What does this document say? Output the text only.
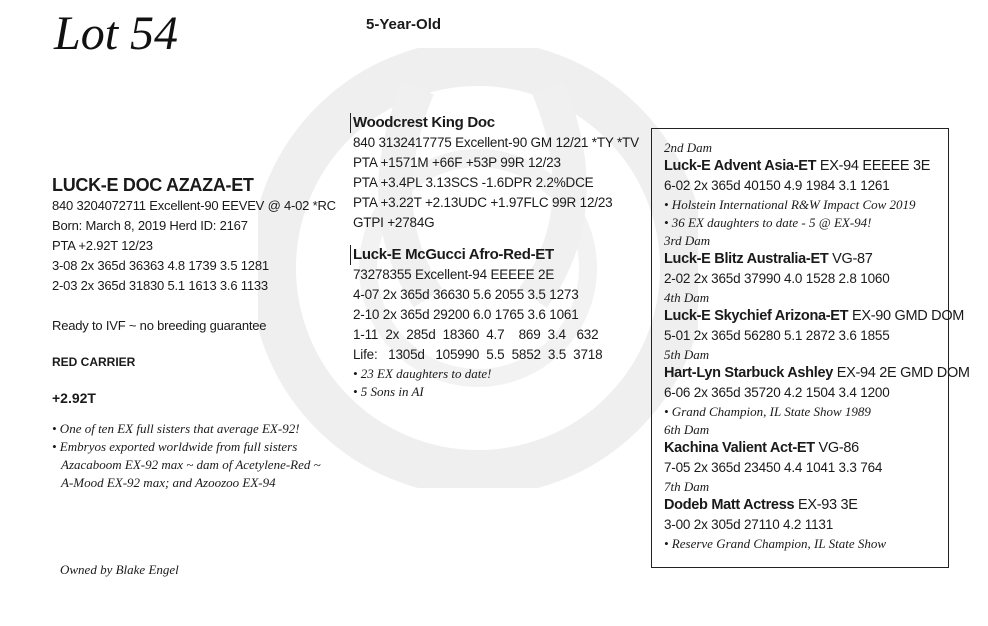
Lot 54	5-Year-Old
LUCK-E DOC AZAZA-ET
840 3204072711 Excellent-90 EEVEV @ 4-02 *RC
Born: March 8, 2019 Herd ID: 2167
PTA +2.92T 12/23
3-08 2x 365d 36363 4.8 1739 3.5 1281
2-03 2x 365d 31830 5.1 1613 3.6 1133
Ready to IVF ~ no breeding guarantee
RED CARRIER
+2.92T
• One of ten EX full sisters that average EX-92!
• Embryos exported worldwide from full sisters
Azacaboom EX-92 max ~ dam of Acetylene-Red ~
A-Mood EX-92 max; and Azoozoo EX-94
Woodcrest King Doc
840 3132417775 Excellent-90 GM 12/21 *TY *TV
PTA +1571M +66F +53P 99R 12/23
PTA +3.4PL 3.13SCS -1.6DPR 2.2%DCE
PTA +3.22T +2.13UDC +1.97FLC 99R 12/23
GTPI +2784G
Luck-E McGucci Afro-Red-ET
73278355 Excellent-94 EEEEE 2E
4-07 2x 365d 36630 5.6 2055 3.5 1273
2-10 2x 365d 29200 6.0 1765 3.6 1061
1-11  2x  285d  18360  4.7    869  3.4   632
Life:   1305d   105990  5.5  5852  3.5  3718
• 23 EX daughters to date!
• 5 Sons in AI
2nd Dam
Luck-E Advent Asia-ET EX-94 EEEEE 3E
6-02 2x 365d 40150 4.9 1984 3.1 1261
• Holstein International R&W Impact Cow 2019
• 36 EX daughters to date - 5 @ EX-94!
3rd Dam
Luck-E Blitz Australia-ET VG-87
2-02 2x 365d 37990 4.0 1528 2.8 1060
4th Dam
Luck-E Skychief Arizona-ET EX-90 GMD DOM
5-01 2x 365d 56280 5.1 2872 3.6 1855
5th Dam
Hart-Lyn Starbuck Ashley EX-94 2E GMD DOM
6-06 2x 365d 35720 4.2 1504 3.4 1200
• Grand Champion, IL State Show 1989
6th Dam
Kachina Valient Act-ET VG-86
7-05 2x 365d 23450 4.4 1041 3.3 764
7th Dam
Dodeb Matt Actress EX-93 3E
3-00 2x 305d 27110 4.2 1131
• Reserve Grand Champion, IL State Show
Owned by Blake Engel
